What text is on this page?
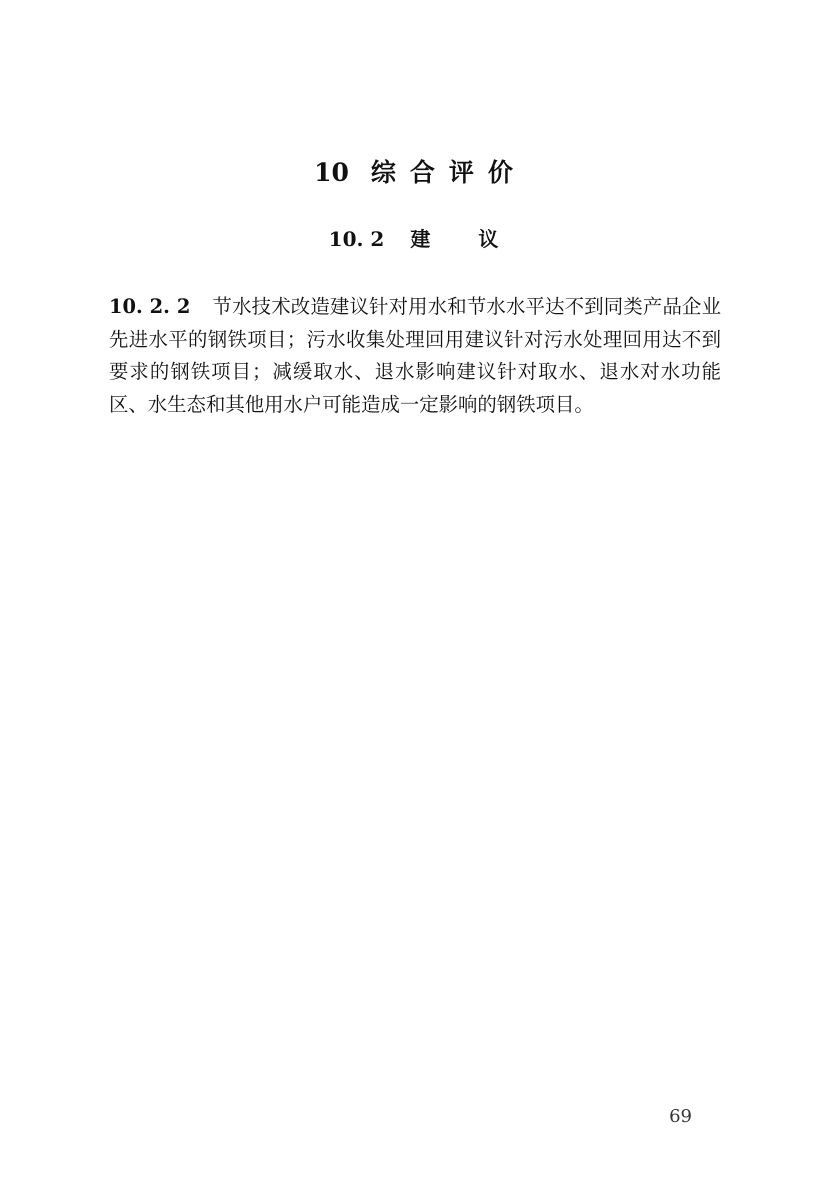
10 综合评价
10. 2 建议

10. 2. 2 节水技术改造建议针对用水和节水水平达不到同类产品企业先进水平的钢铁项目；污水收集处理回用建议针对污水处理回用达不到要求的钢铁项目；减缓取水、退水影响建议针对取水、退水对水功能区、水生态和其他用水户可能造成一定影响的钢铁项目。

69
